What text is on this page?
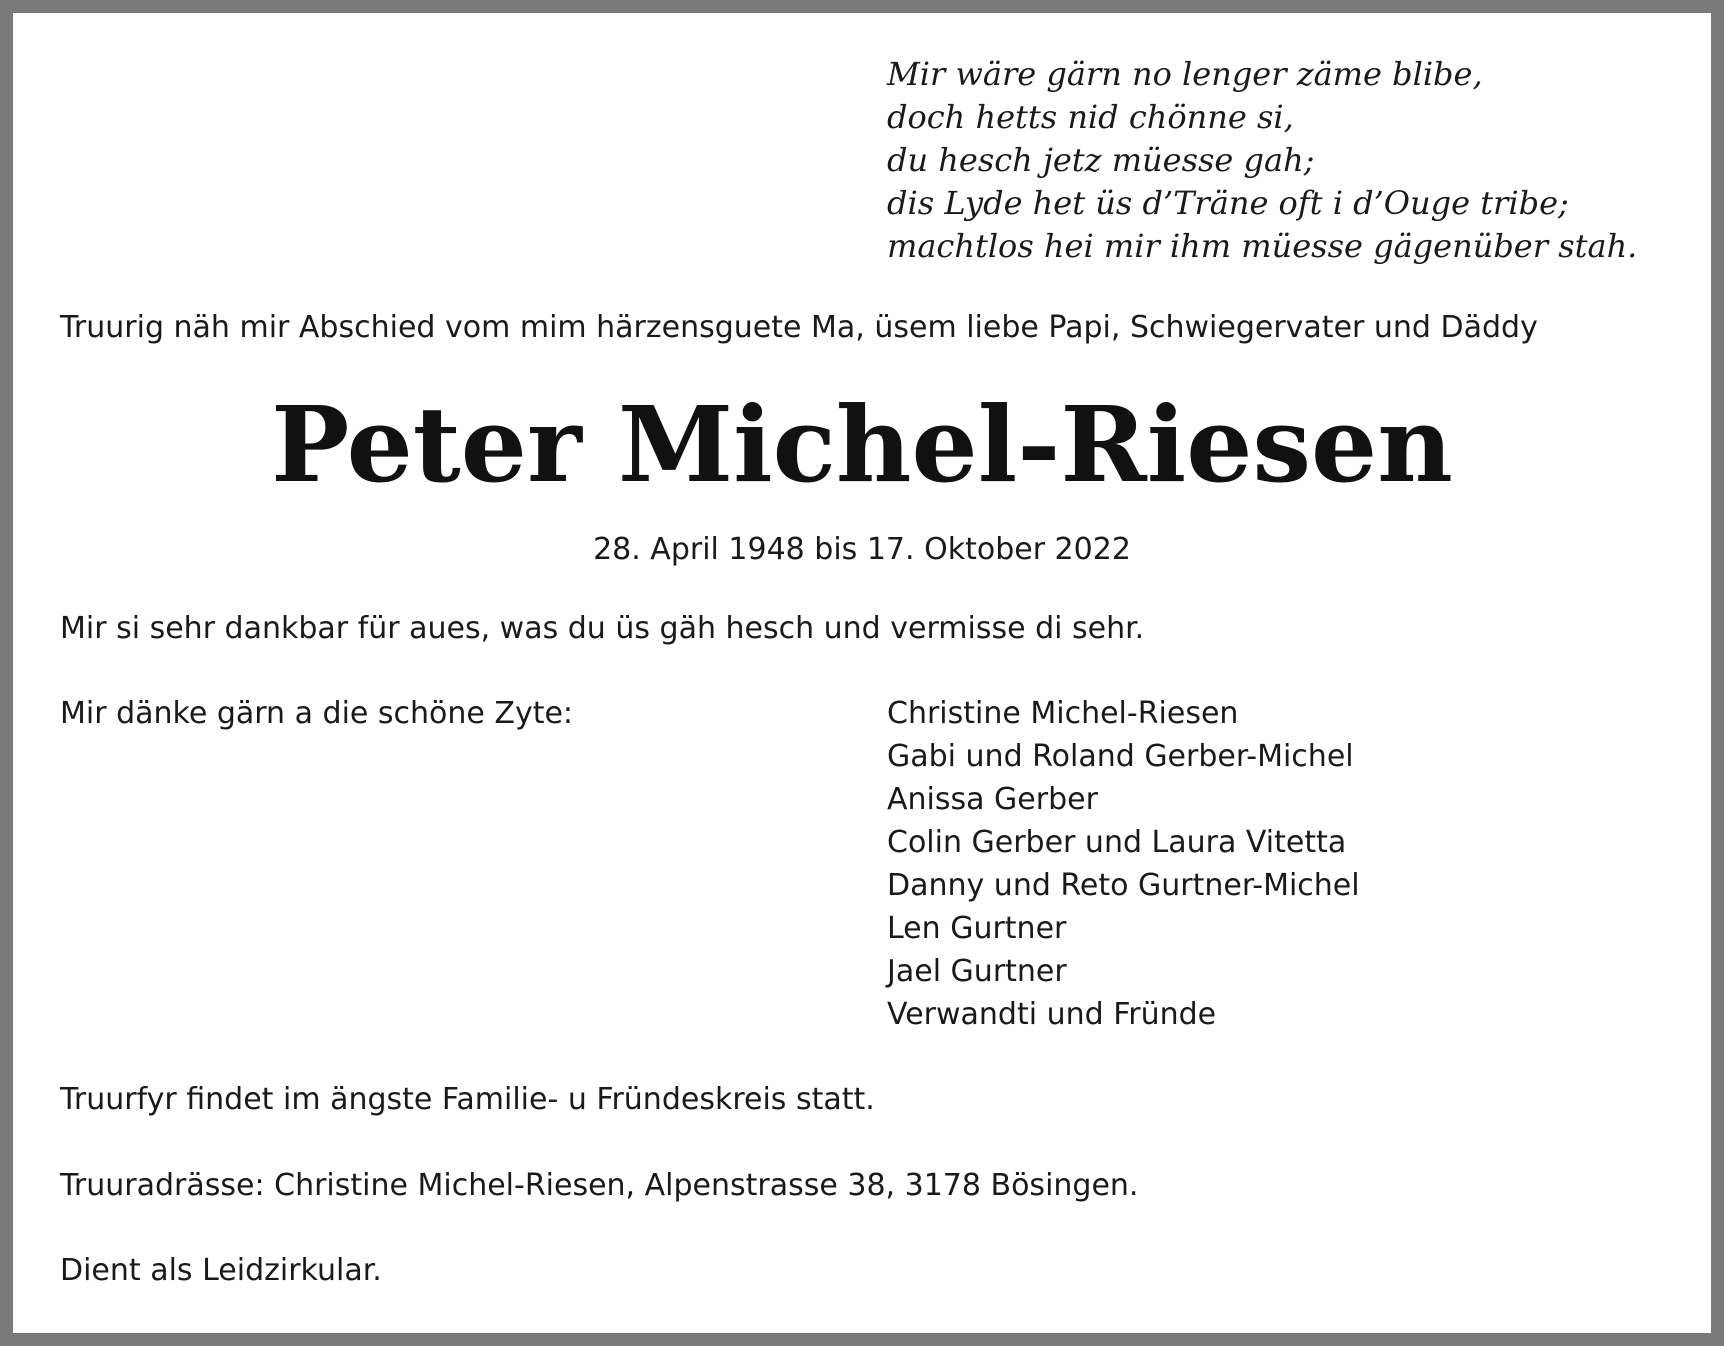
Mir wäre gärn no lenger zäme blibe,
doch hetts nid chönne si,
du hesch jetz müesse gah;
dis Lyde het üs d’Träne oft i d’Ouge tribe;
machtlos hei mir ihm müesse gägenüber stah.

Truurig näh mir Abschied vom mim härzensguete Ma, üsem liebe Papi, Schwiegervater und Däddy

Peter Michel-Riesen

28. April 1948 bis 17. Oktober 2022

Mir si sehr dankbar für aues, was du üs gäh hesch und vermisse di sehr.

Mir dänke gärn a die schöne Zyte:	Christine Michel-Riesen
Gabi und Roland Gerber-Michel
Anissa Gerber
Colin Gerber und Laura Vitetta
Danny und Reto Gurtner-Michel
Len Gurtner
Jael Gurtner
Verwandti und Fründe

Truurfyr findet im ängste Familie- u Fründeskreis statt.

Truuradrässe: Christine Michel-Riesen, Alpenstrasse 38, 3178 Bösingen.

Dient als Leidzirkular.
